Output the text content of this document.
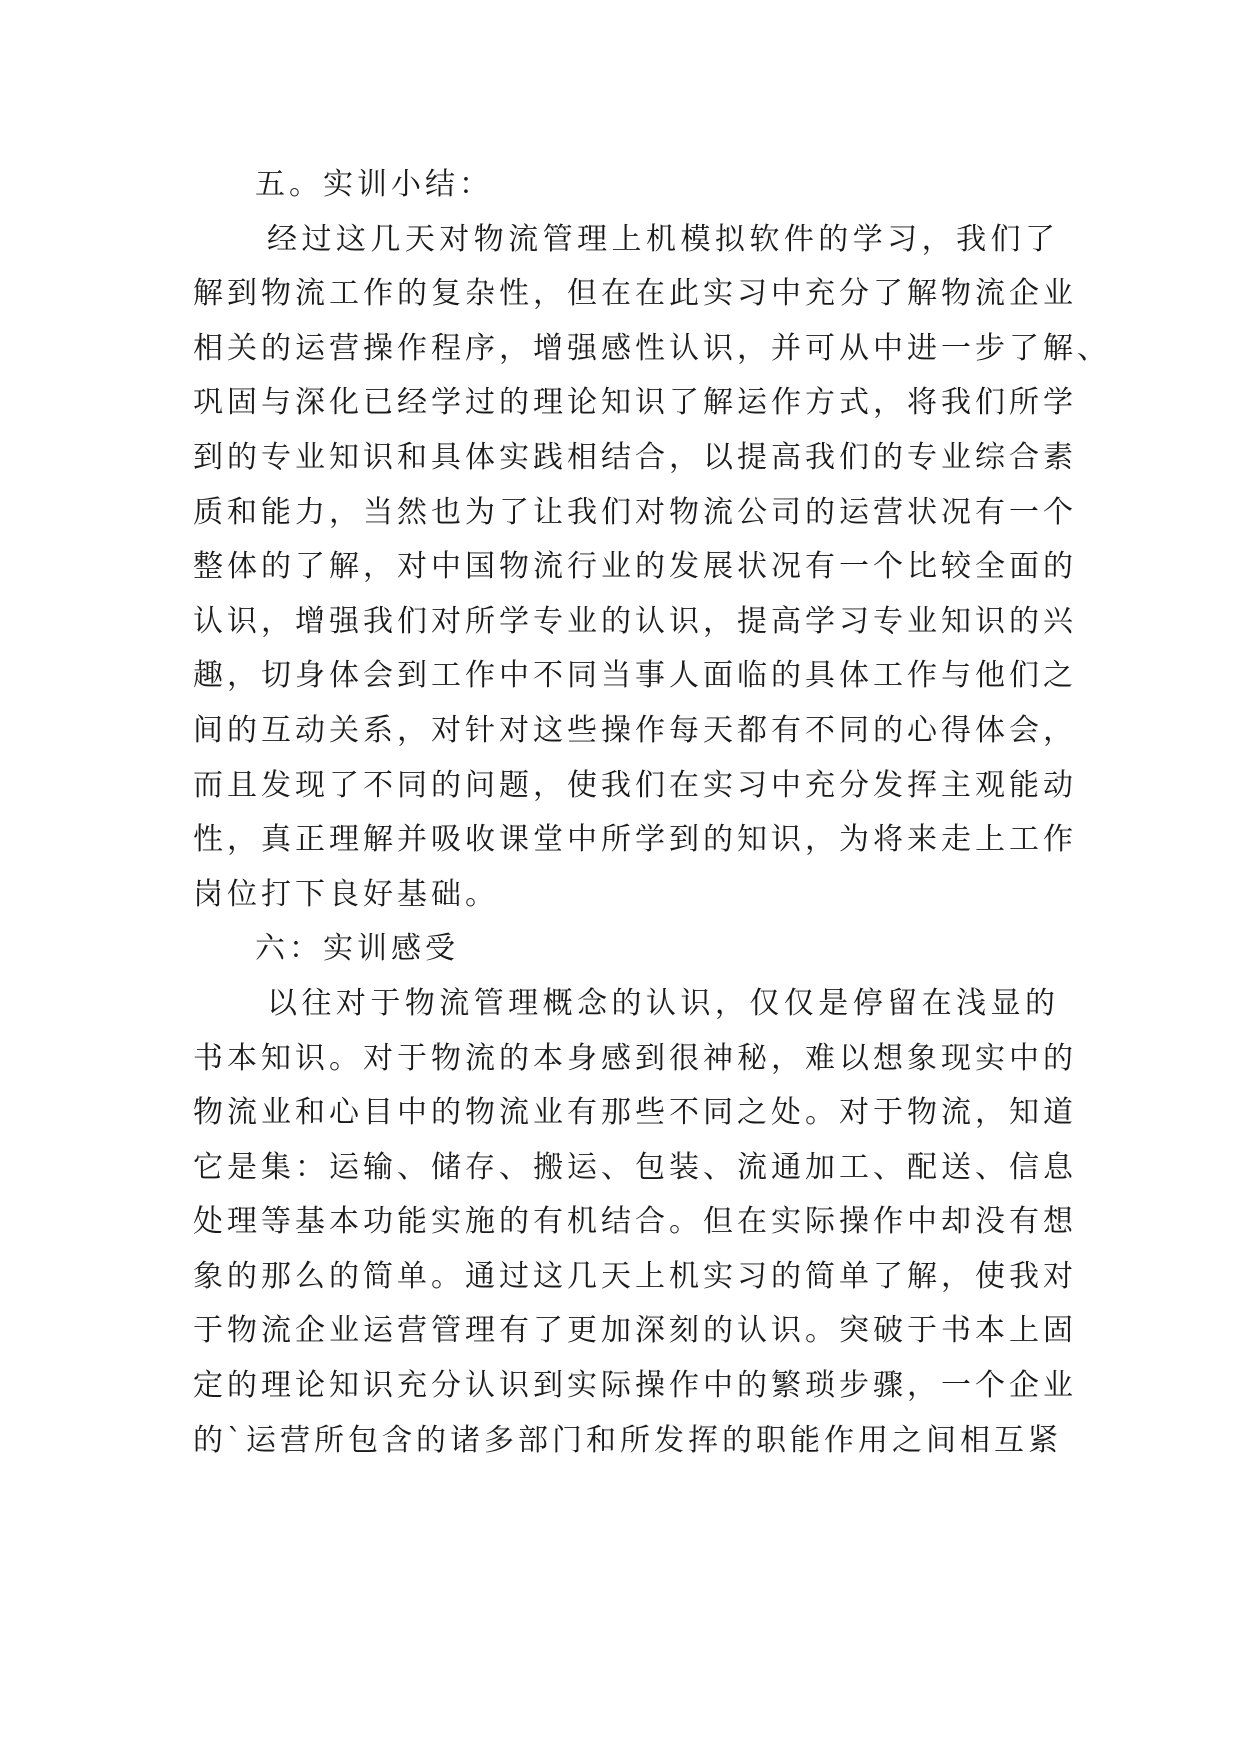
五。实训小结：
经过这几天对物流管理上机模拟软件的学习，我们了
解到物流工作的复杂性，但在在此实习中充分了解物流企业
相关的运营操作程序，增强感性认识，并可从中进一步了解、
巩固与深化已经学过的理论知识了解运作方式，将我们所学
到的专业知识和具体实践相结合，以提高我们的专业综合素
质和能力，当然也为了让我们对物流公司的运营状况有一个
整体的了解，对中国物流行业的发展状况有一个比较全面的
认识，增强我们对所学专业的认识，提高学习专业知识的兴
趣，切身体会到工作中不同当事人面临的具体工作与他们之
间的互动关系，对针对这些操作每天都有不同的心得体会，
而且发现了不同的问题，使我们在实习中充分发挥主观能动
性，真正理解并吸收课堂中所学到的知识，为将来走上工作
岗位打下良好基础。
六：实训感受
以往对于物流管理概念的认识，仅仅是停留在浅显的
书本知识。对于物流的本身感到很神秘，难以想象现实中的
物流业和心目中的物流业有那些不同之处。对于物流，知道
它是集：运输、储存、搬运、包装、流通加工、配送、信息
处理等基本功能实施的有机结合。但在实际操作中却没有想
象的那么的简单。通过这几天上机实习的简单了解，使我对
于物流企业运营管理有了更加深刻的认识。突破于书本上固
定的理论知识充分认识到实际操作中的繁琐步骤，一个企业
的`运营所包含的诸多部门和所发挥的职能作用之间相互紧
